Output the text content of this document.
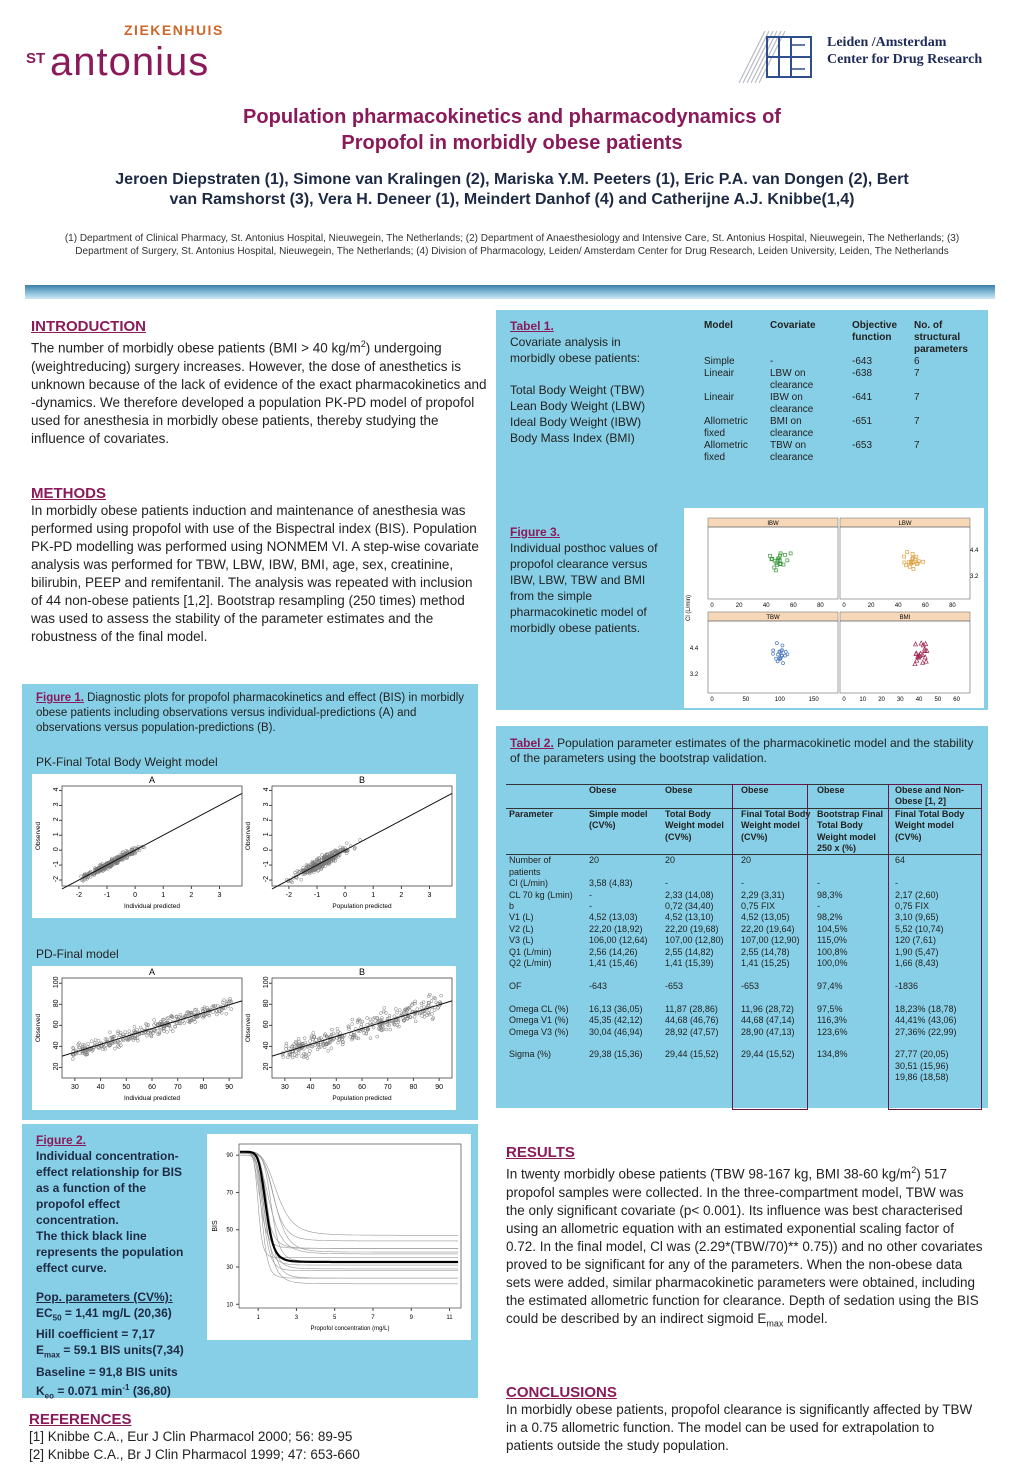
ZIEKENHUIS
ST antonius	Leiden /Amsterdam
Center for Drug Research
Population pharmacokinetics and pharmacodynamics of
Propofol in morbidly obese patients
Jeroen Diepstraten (1), Simone van Kralingen (2), Mariska Y.M. Peeters (1), Eric P.A. van Dongen (2), Bert
van Ramshorst (3), Vera H. Deneer (1), Meindert Danhof (4) and Catherijne A.J. Knibbe(1,4)
(1) Department of Clinical Pharmacy, St. Antonius Hospital, Nieuwegein, The Netherlands; (2) Department of Anaesthesiology and Intensive Care, St. Antonius Hospital, Nieuwegein, The Netherlands; (3) Department of Surgery, St. Antonius Hospital, Nieuwegein, The Netherlands; (4) Division of Pharmacology, Leiden/ Amsterdam Center for Drug Research, Leiden University, Leiden, The Netherlands
INTRODUCTION
The number of morbidly obese patients (BMI > 40 $kg/m^2$) undergoing (weightreducing) surgery increases. However, the dose of anesthetics is unknown because of the lack of evidence of the exact pharmacokinetics and -dynamics. We therefore developed a population PK-PD model of propofol used for anesthesia in morbidly obese patients, thereby studying the influence of covariates.
METHODS
In morbidly obese patients induction and maintenance of anesthesia was performed using propofol with use of the Bispectral index (BIS). Population PK-PD modelling was performed using NONMEM VI. A step-wise covariate analysis was performed for TBW, LBW, IBW, BMI, age, sex, creatinine, bilirubin, PEEP and remifentanil. The analysis was repeated with inclusion of 44 non-obese patients [1,2]. Bootstrap resampling (250 times) method was used to assess the stability of the parameter estimates and the robustness of the final model.
Figure 1. Diagnostic plots for propofol pharmacokinetics and effect (BIS) in morbidly obese patients including observations versus individual-predictions (A) and observations versus population-predictions (B).
PK-Final Total Body Weight model
A
-2	-1	0	1	2	3
-2
-1
0
1
2
3
4
Observed
Individual predicted
B
-2	-1	0	1	2	3
-2
-1
0
1
2
3
4
Observed
Population predicted
PD-Final model
A
30	40	50	60	70	80	90
20
40
60
80
100
Observed
Individual predicted
B
30	40	50	60	70	80	90
20
40
60
80
100
Observed
Population predicted
Tabel 1.
Covariate analysis in
morbidly obese patients:
Total Body Weight (TBW)
Lean Body Weight (LBW)
Ideal Body Weight (IBW)
Body Mass Index (BMI)
Model	Covariate	Objective function	No. of structural parameters
Simple	-	-643	6
Lineair	LBW on clearance	-638	7
Lineair	IBW on clearance	-641	7
Allometric fixed	BMI on clearance	-651	7
Allometric fixed	TBW on clearance	-653	7
Figure 3.
Individual posthoc values of propofol clearance versus IBW, LBW, TBW and BMI from the simple pharmacokinetic model of morbidly obese patients.
IBW
0	20	40	60	80
LBW
0	20	40	60	80
TBW
0	50	100	150
BMI
0 10 20 30 40 50 60
4.4
3.2
4.4
3.2
Cl (L/min)
Tabel 2. Population parameter estimates of the pharmacokinetic model and the stability of the parameters using the bootstrap validation.
	Obese	Obese	Obese	Obese	Obese and Non-Obese [1, 2]
Parameter	Simple model (CV%)	Total Body Weight model (CV%)	Final Total Body Weight model (CV%)	Bootstrap Final Total Body Weight model 250 x (%)	Final Total Body Weight model (CV%)
Number of patients	20	20	20		64
Cl (L/min)	3,58 (4,83)	-	-	-	-
CL 70 kg (Lmin)	-	2,33 (14,08)	2,29 (3,31)	98,3%	2,17 (2,60)
b	-	0,72 (34,40)	0,75 FIX	-	0,75 FIX
V1 (L)	4,52 (13,03)	4,52 (13,10)	4,52 (13,05)	98,2%	3,10 (9,65)
V2 (L)	22,20 (18,92)	22,20 (19,68)	22,20 (19,64)	104,5%	5,52 (10,74)
V3 (L)	106,00 (12,64)	107,00 (12,80)	107,00 (12,90)	115,0%	120 (7,61)
Q1 (L/min)	2,56 (14,26)	2,55 (14,82)	2,55 (14,78)	100,8%	1,90 (5,47)
Q2 (L/min)	1,41 (15,46)	1,41 (15,39)	1,41 (15,25)	100,0%	1,66 (8,43)

OF	-643	-653	-653	97,4%	-1836

Omega CL (%)	16,13 (36,05)	11,87 (28,86)	11,96 (28,72)	97,5%	18,23% (18,78)
Omega V1 (%)	45,35 (42,12)	44,68 (46,76)	44,68 (47,14)	116,3%	44,41% (43,06)
Omega V3 (%)	30,04 (46,94)	28,92 (47,57)	28,90 (47,13)	123,6%	27,36% (22,99)

Sigma (%)	29,38 (15,36)	29,44 (15,52)	29,44 (15,52)	134,8%	27,77 (20,05)
					30,51 (15,96)
					19,86 (18,58)
Figure 2.
Individual concentration-
effect relationship for BIS
as a function of the
propofol effect
concentration.
The thick black line
represents the population
effect curve.
Pop. parameters (CV%):
$EC_{50} = 1,41$ mg/L (20,36)
Hill coefficient = 7,17
$E_{max} = 59.1$ BIS units(7,34)
Baseline = 91,8 BIS units
$K_{eo} = 0.071$ $\min^{-1} (36,80)$
10
30
50
70
90
1	3	5	7	9	11
BIS
Propofol concentration (mg/L)
REFERENCES
[1] Knibbe C.A., Eur J Clin Pharmacol 2000; 56: 89-95
[2] Knibbe C.A., Br J Clin Pharmacol 1999; 47: 653-660
RESULTS
In twenty morbidly obese patients (TBW 98-167 kg, BMI 38-60 $kg/m^2$) 517 propofol samples were collected. In the three-compartment model, TBW was the only significant covariate (p< 0.001). Its influence was best characterised using an allometric equation with an estimated exponential scaling factor of 0.72. In the final model, Cl was (2.29*(TBW/70)** 0.75)) and no other covariates proved to be significant for any of the parameters. When the non-obese data sets were added, similar pharmacokinetic parameters were obtained, including the estimated allometric function for clearance. Depth of sedation using the BIS could be described by an indirect sigmoid $E_{max}$ model.
CONCLUSIONS
In morbidly obese patients, propofol clearance is significantly affected by TBW in a 0.75 allometric function. The model can be used for extrapolation to patients outside the study population.
